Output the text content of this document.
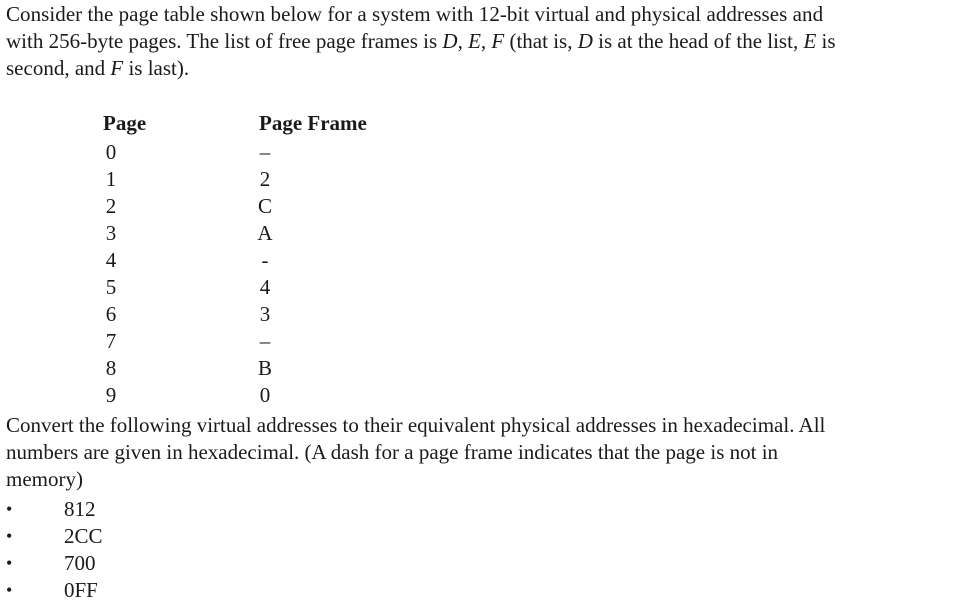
Consider the page table shown below for a system with 12-bit virtual and physical addresses and
with 256-byte pages. The list of free page frames is D, E, F (that is, D is at the head of the list, E is
second, and F is last).

Page	Page Frame
0
1
2
3
4
5
6
7
8
9
–
2
C
A
-
4
3
–
B
0

Convert the following virtual addresses to their equivalent physical addresses in hexadecimal. All
numbers are given in hexadecimal. (A dash for a page frame indicates that the page is not in
memory)

• 812
• 2CC
• 700
• 0FF
